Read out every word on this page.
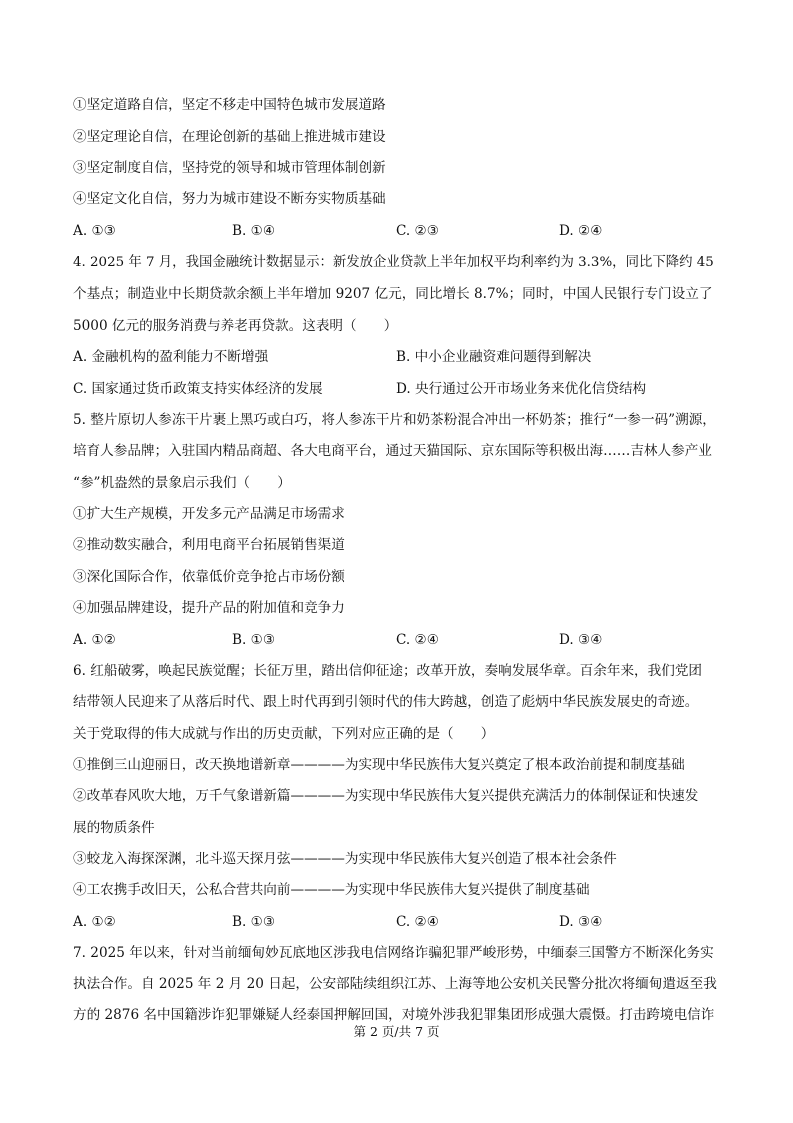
①坚定道路自信，坚定不移走中国特色城市发展道路
②坚定理论自信，在理论创新的基础上推进城市建设
③坚定制度自信，坚持党的领导和城市管理体制创新
④坚定文化自信，努力为城市建设不断夯实物质基础
A. ①③	B. ①④	C. ②③	D. ②④
4. 2025 年 7 月，我国金融统计数据显示：新发放企业贷款上半年加权平均利率约为 3.3%，同比下降约 45
个基点；制造业中长期贷款余额上半年增加 9207 亿元，同比增长 8.7%；同时，中国人民银行专门设立了
5000 亿元的服务消费与养老再贷款。这表明（　　）
A. 金融机构的盈利能力不断增强	B. 中小企业融资难问题得到解决
C. 国家通过货币政策支持实体经济的发展	D. 央行通过公开市场业务来优化信贷结构
5. 整片原切人参冻干片裹上黑巧或白巧，将人参冻干片和奶茶粉混合冲出一杯奶茶；推行“一参一码”溯源，
培育人参品牌；入驻国内精品商超、各大电商平台，通过天猫国际、京东国际等积极出海……吉林人参产业
“参”机盎然的景象启示我们（　　）
①扩大生产规模，开发多元产品满足市场需求
②推动数实融合，利用电商平台拓展销售渠道
③深化国际合作，依靠低价竞争抢占市场份额
④加强品牌建设，提升产品的附加值和竞争力
A. ①②	B. ①③	C. ②④	D. ③④
6. 红船破雾，唤起民族觉醒；长征万里，踏出信仰征途；改革开放，奏响发展华章。百余年来，我们党团
结带领人民迎来了从落后时代、跟上时代再到引领时代的伟大跨越，创造了彪炳中华民族发展史的奇迹。
关于党取得的伟大成就与作出的历史贡献，下列对应正确的是（　　）
①推倒三山迎丽日，改天换地谱新章————为实现中华民族伟大复兴奠定了根本政治前提和制度基础
②改革春风吹大地，万千气象谱新篇————为实现中华民族伟大复兴提供充满活力的体制保证和快速发
展的物质条件
③蛟龙入海探深渊，北斗巡天探月弦————为实现中华民族伟大复兴创造了根本社会条件
④工农携手改旧天，公私合营共向前————为实现中华民族伟大复兴提供了制度基础
A. ①②	B. ①③	C. ②④	D. ③④
7. 2025 年以来，针对当前缅甸妙瓦底地区涉我电信网络诈骗犯罪严峻形势，中缅泰三国警方不断深化务实
执法合作。自 2025 年 2 月 20 日起，公安部陆续组织江苏、上海等地公安机关民警分批次将缅甸遣返至我
方的 2876 名中国籍涉诈犯罪嫌疑人经泰国押解回国，对境外涉我犯罪集团形成强大震慑。打击跨境电信诈
第 2 页/共 7 页
